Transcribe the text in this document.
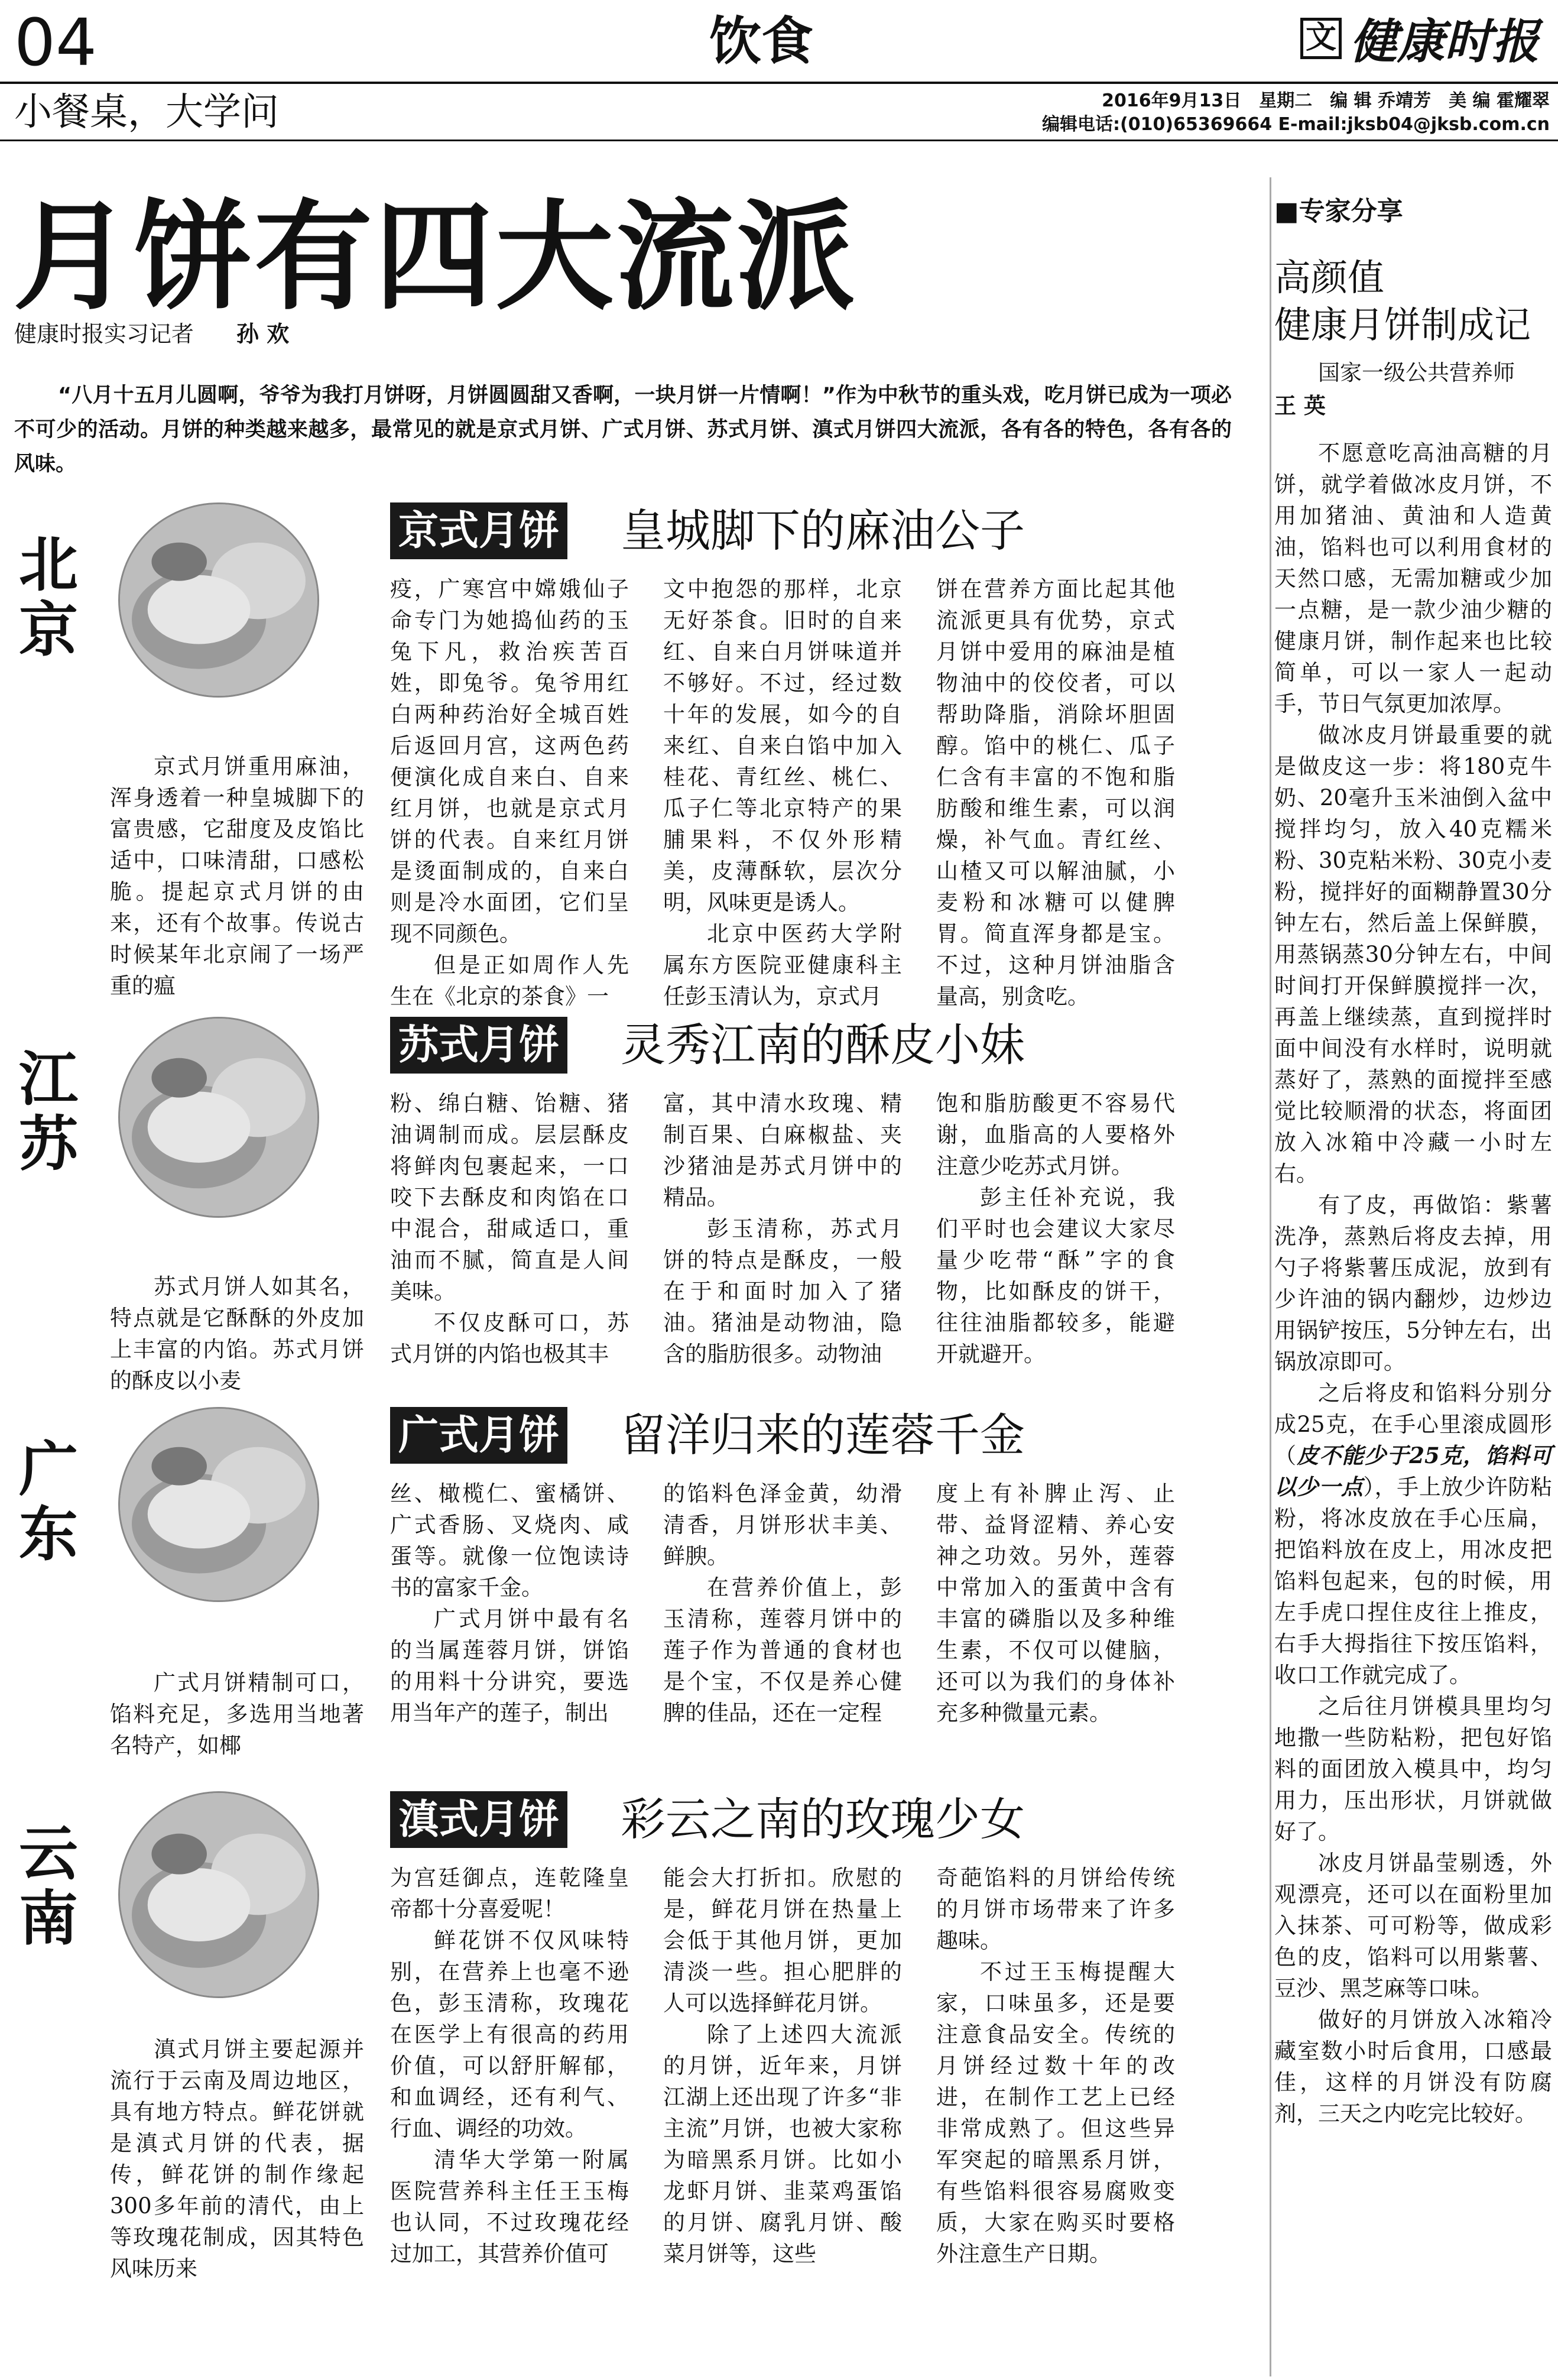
04	饮食	文 健康时报
小餐桌，大学问	2016年9月13日　星期二　编 辑 乔靖芳　美 编 霍耀翠
编辑电话:(010)65369664 E-mail:jksb04@jksb.com.cn
月饼有四大流派
健康时报实习记者 孙 欢
“八月十五月儿圆啊，爷爷为我打月饼呀，月饼圆圆甜又香啊，一块月饼一片情啊！”作为中秋节的重头戏，吃月饼已成为一项必不可少的活动。月饼的种类越来越多，最常见的就是京式月饼、广式月饼、苏式月饼、滇式月饼四大流派，各有各的特色，各有各的风味。
■专家分享
高颜值
健康月饼制成记
国家一级公共营养师
王 英

不愿意吃高油高糖的月饼，就学着做冰皮月饼，不用加猪油、黄油和人造黄油，馅料也可以利用食材的天然口感，无需加糖或少加一点糖，是一款少油少糖的健康月饼，制作起来也比较简单，可以一家人一起动手，节日气氛更加浓厚。

做冰皮月饼最重要的就是做皮这一步：将180克牛奶、20毫升玉米油倒入盆中搅拌均匀，放入40克糯米粉、30克粘米粉、30克小麦粉，搅拌好的面糊静置30分钟左右，然后盖上保鲜膜，用蒸锅蒸30分钟左右，中间时间打开保鲜膜搅拌一次，再盖上继续蒸，直到搅拌时面中间没有水样时，说明就蒸好了，蒸熟的面搅拌至感觉比较顺滑的状态，将面团放入冰箱中冷藏一小时左右。

有了皮，再做馅：紫薯洗净，蒸熟后将皮去掉，用勺子将紫薯压成泥，放到有少许油的锅内翻炒，边炒边用锅铲按压，5分钟左右，出锅放凉即可。

之后将皮和馅料分别分成25克，在手心里滚成圆形（皮不能少于25克，馅料可以少一点），手上放少许防粘粉，将冰皮放在手心压扁，把馅料放在皮上，用冰皮把馅料包起来，包的时候，用左手虎口捏住皮往上推皮，右手大拇指往下按压馅料，收口工作就完成了。

之后往月饼模具里均匀地撒一些防粘粉，把包好馅料的面团放入模具中，均匀用力，压出形状，月饼就做好了。

冰皮月饼晶莹剔透，外观漂亮，还可以在面粉里加入抹茶、可可粉等，做成彩色的皮，馅料可以用紫薯、豆沙、黑芝麻等口味。

做好的月饼放入冰箱冷藏室数小时后食用，口感最佳，这样的月饼没有防腐剂，三天之内吃完比较好。

北京
京式月饼重用麻油，浑身透着一种皇城脚下的富贵感，它甜度及皮馅比适中，口味清甜，口感松脆。提起京式月饼的由来，还有个故事。传说古时候某年北京闹了一场严重的瘟
京式月饼 皇城脚下的麻油公子

疫，广寒宫中嫦娥仙子命专门为她捣仙药的玉兔下凡，救治疾苦百姓，即兔爷。兔爷用红白两种药治好全城百姓后返回月宫，这两色药便演化成自来白、自来红月饼，也就是京式月饼的代表。自来红月饼是烫面制成的，自来白则是冷水面团，它们呈现不同颜色。

但是正如周作人先生在《北京的茶食》一

文中抱怨的那样，北京无好茶食。旧时的自来红、自来白月饼味道并不够好。不过，经过数十年的发展，如今的自来红、自来白馅中加入桂花、青红丝、桃仁、瓜子仁等北京特产的果脯果料，不仅外形精美，皮薄酥软，层次分明，风味更是诱人。

北京中医药大学附属东方医院亚健康科主任彭玉清认为，京式月

饼在营养方面比起其他流派更具有优势，京式月饼中爱用的麻油是植物油中的佼佼者，可以帮助降脂，消除坏胆固醇。馅中的桃仁、瓜子仁含有丰富的不饱和脂肪酸和维生素，可以润燥，补气血。青红丝、山楂又可以解油腻，小麦粉和冰糖可以健脾胃。简直浑身都是宝。不过，这种月饼油脂含量高，别贪吃。

江苏
苏式月饼人如其名，特点就是它酥酥的外皮加上丰富的内馅。苏式月饼的酥皮以小麦
苏式月饼 灵秀江南的酥皮小妹

粉、绵白糖、饴糖、猪油调制而成。层层酥皮将鲜肉包裹起来，一口咬下去酥皮和肉馅在口中混合，甜咸适口，重油而不腻，简直是人间美味。

不仅皮酥可口，苏式月饼的内馅也极其丰

富，其中清水玫瑰、精制百果、白麻椒盐、夹沙猪油是苏式月饼中的精品。

彭玉清称，苏式月饼的特点是酥皮，一般在于和面时加入了猪油。猪油是动物油，隐含的脂肪很多。动物油

饱和脂肪酸更不容易代谢，血脂高的人要格外注意少吃苏式月饼。

彭主任补充说，我们平时也会建议大家尽量少吃带“酥”字的食物，比如酥皮的饼干，往往油脂都较多，能避开就避开。

广东
广式月饼精制可口，馅料充足，多选用当地著名特产，如椰
广式月饼 留洋归来的莲蓉千金

丝、橄榄仁、蜜橘饼、广式香肠、叉烧肉、咸蛋等。就像一位饱读诗书的富家千金。

广式月饼中最有名的当属莲蓉月饼，饼馅的用料十分讲究，要选用当年产的莲子，制出

的馅料色泽金黄，幼滑清香，月饼形状丰美、鲜腴。

在营养价值上，彭玉清称，莲蓉月饼中的莲子作为普通的食材也是个宝，不仅是养心健脾的佳品，还在一定程

度上有补脾止泻、止带、益肾涩精、养心安神之功效。另外，莲蓉中常加入的蛋黄中含有丰富的磷脂以及多种维生素，不仅可以健脑，还可以为我们的身体补充多种微量元素。

云南
滇式月饼主要起源并流行于云南及周边地区，具有地方特点。鲜花饼就是滇式月饼的代表，据传，鲜花饼的制作缘起300多年前的清代，由上等玫瑰花制成，因其特色风味历来
滇式月饼 彩云之南的玫瑰少女

为宫廷御点，连乾隆皇帝都十分喜爱呢！

鲜花饼不仅风味特别，在营养上也毫不逊色，彭玉清称，玫瑰花在医学上有很高的药用价值，可以舒肝解郁，和血调经，还有利气、行血、调经的功效。

清华大学第一附属医院营养科主任王玉梅也认同，不过玫瑰花经过加工，其营养价值可

能会大打折扣。欣慰的是，鲜花月饼在热量上会低于其他月饼，更加清淡一些。担心肥胖的人可以选择鲜花月饼。

除了上述四大流派的月饼，近年来，月饼江湖上还出现了许多“非主流”月饼，也被大家称为暗黑系月饼。比如小龙虾月饼、韭菜鸡蛋馅的月饼、腐乳月饼、酸菜月饼等，这些

奇葩馅料的月饼给传统的月饼市场带来了许多趣味。

不过王玉梅提醒大家，口味虽多，还是要注意食品安全。传统的月饼经过数十年的改进，在制作工艺上已经非常成熟了。但这些异军突起的暗黑系月饼，有些馅料很容易腐败变质，大家在购买时要格外注意生产日期。
